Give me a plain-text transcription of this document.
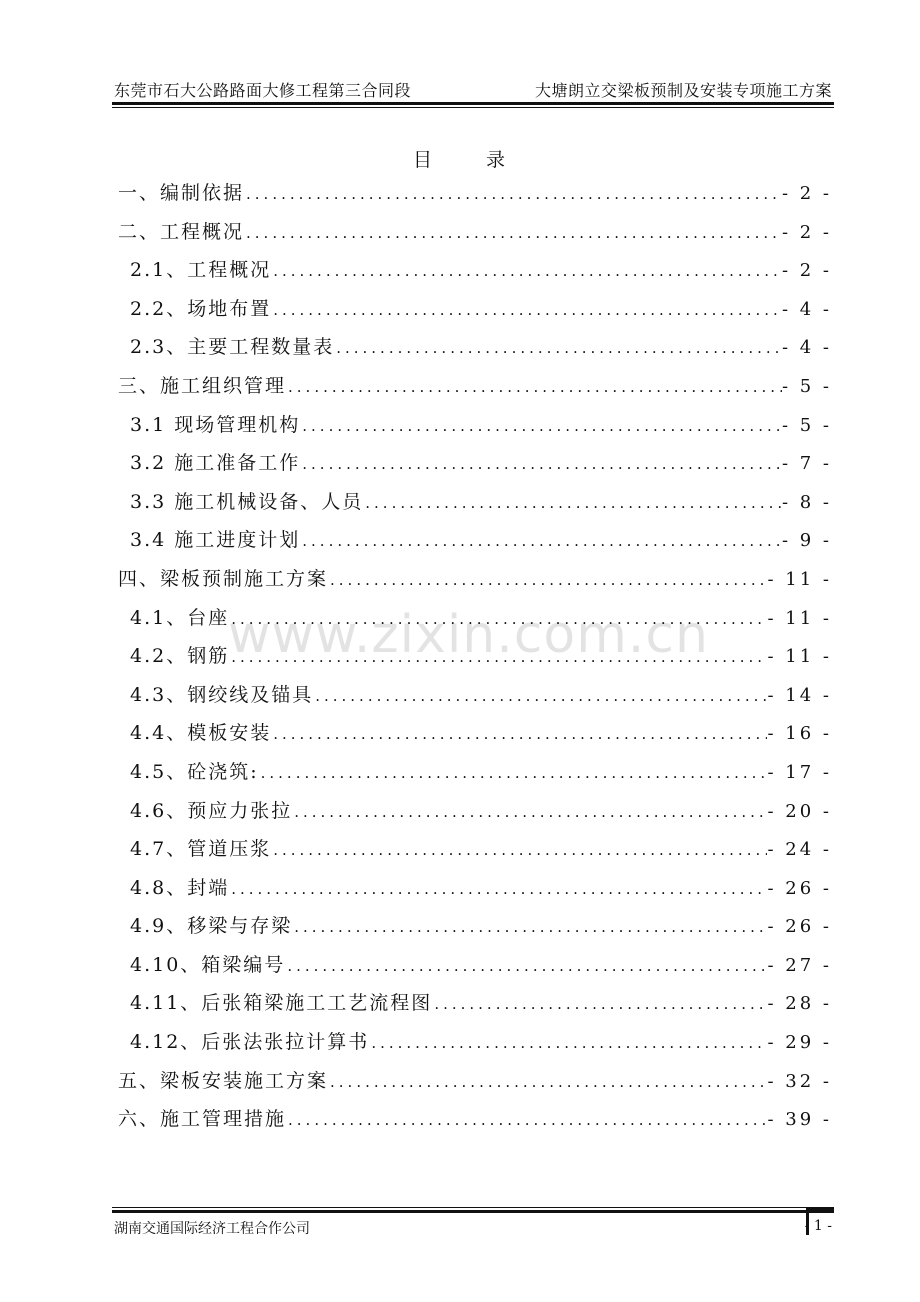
东莞市石大公路路面大修工程第三合同段	大塘朗立交梁板预制及安装专项施工方案
目	录
一、编制依据 .....	- 2 -
二、工程概况 .....	- 2 -
2.1、工程概况 .....	- 2 -
2.2、场地布置 .....	- 4 -
2.3、主要工程数量表 .....	- 4 -
三、施工组织管理 .....	- 5 -
3.1 现场管理机构 .....	- 5 -
3.2 施工准备工作 .....	- 7 -
3.3 施工机械设备、人员 .....	- 8 -
3.4 施工进度计划 .....	- 9 -
四、梁板预制施工方案 .....	- 11 -
4.1、台座 .....	- 11 -
4.2、钢筋 .....	- 11 -
4.3、钢绞线及锚具 .....	- 14 -
4.4、模板安装 .....	- 16 -
4.5、砼浇筑: .....	- 17 -
4.6、预应力张拉 .....	- 20 -
4.7、管道压浆 .....	- 24 -
4.8、封端 .....	- 26 -
4.9、移梁与存梁 .....	- 26 -
4.10、箱梁编号 .....	- 27 -
4.11、后张箱梁施工工艺流程图 .....	- 28 -
4.12、后张法张拉计算书 .....	- 29 -
五、梁板安装施工方案 .....	- 32 -
六、施工管理措施 .....	- 39 -
www.zixin.com.cn
湖南交通国际经济工程合作公司	- 1 -
